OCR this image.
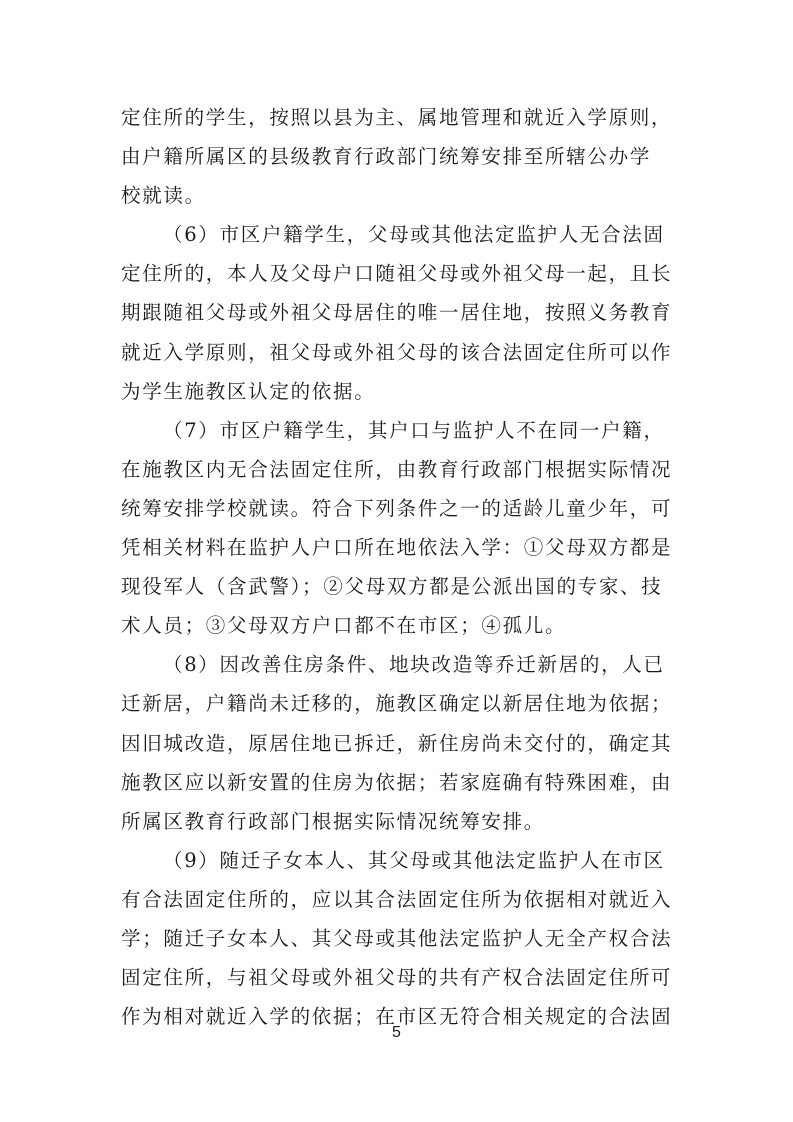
定住所的学生，按照以县为主、属地管理和就近入学原则，
由户籍所属区的县级教育行政部门统筹安排至所辖公办学
校就读。

（6）市区户籍学生，父母或其他法定监护人无合法固
定住所的，本人及父母户口随祖父母或外祖父母一起，且长
期跟随祖父母或外祖父母居住的唯一居住地，按照义务教育
就近入学原则，祖父母或外祖父母的该合法固定住所可以作
为学生施教区认定的依据。

（7）市区户籍学生，其户口与监护人不在同一户籍，
在施教区内无合法固定住所，由教育行政部门根据实际情况
统筹安排学校就读。符合下列条件之一的适龄儿童少年，可
凭相关材料在监护人户口所在地依法入学：①父母双方都是
现役军人（含武警）；②父母双方都是公派出国的专家、技
术人员；③父母双方户口都不在市区；④孤儿。

（8）因改善住房条件、地块改造等乔迁新居的，人已
迁新居，户籍尚未迁移的，施教区确定以新居住地为依据；
因旧城改造，原居住地已拆迁，新住房尚未交付的，确定其
施教区应以新安置的住房为依据；若家庭确有特殊困难，由
所属区教育行政部门根据实际情况统筹安排。

（9）随迁子女本人、其父母或其他法定监护人在市区
有合法固定住所的，应以其合法固定住所为依据相对就近入
学；随迁子女本人、其父母或其他法定监护人无全产权合法
固定住所，与祖父母或外祖父母的共有产权合法固定住所可
作为相对就近入学的依据；在市区无符合相关规定的合法固

5
